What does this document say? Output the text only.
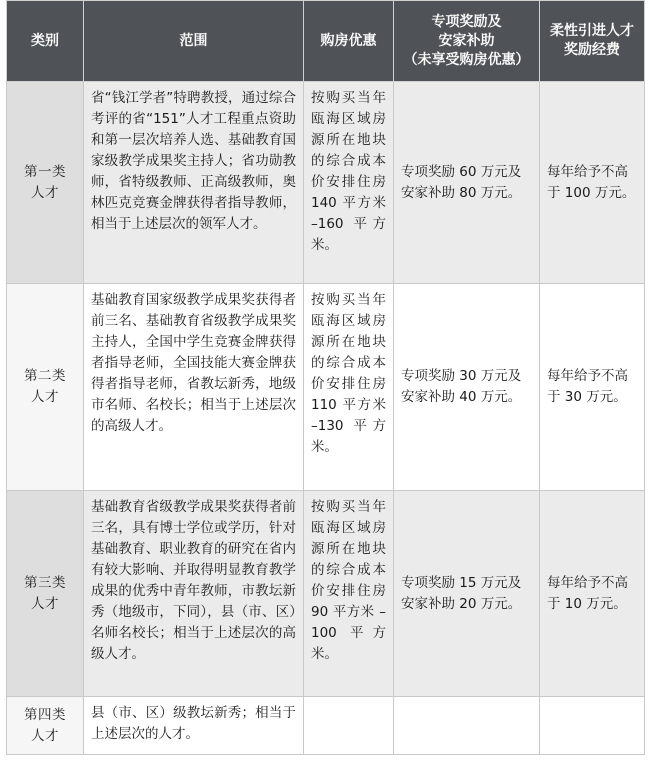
类别	范围	购房优惠	专项奖励及
安家补助
（未享受购房优惠）	柔性引进人才
奖励经费
第一类
人才	省“钱江学者”特聘教授，通过综合考评的省“151”人才工程重点资助和第一层次培养人选、基础教育国家级教学成果奖主持人；省功勋教师，省特级教师、正高级教师，奥林匹克竞赛金牌获得者指导教师，相当于上述层次的领军人才。	按购买当年瓯海区域房源所在地块的综合成本价安排住房 140 平方米 –160 平方米。	专项奖励 60 万元及安家补助 80 万元。	每年给予不高于 100 万元。
第二类
人才	基础教育国家级教学成果奖获得者前三名、基础教育省级教学成果奖主持人，全国中学生竞赛金牌获得者指导老师，全国技能大赛金牌获得者指导老师，省教坛新秀，地级市名师、名校长；相当于上述层次的高级人才。	按购买当年瓯海区域房源所在地块的综合成本价安排住房 110 平方米 –130 平方米。	专项奖励 30 万元及安家补助 40 万元。	每年给予不高于 30 万元。
第三类
人才	基础教育省级教学成果奖获得者前三名，具有博士学位或学历，针对基础教育、职业教育的研究在省内有较大影响、并取得明显教育教学成果的优秀中青年教师，市教坛新秀（地级市，下同），县（市、区）名师名校长；相当于上述层次的高级人才。	按购买当年瓯海区域房源所在地块的综合成本价安排住房 90 平方米 –100 平方米。	专项奖励 15 万元及安家补助 20 万元。	每年给予不高于 10 万元。
第四类
人才	县（市、区）级教坛新秀；相当于上述层次的人才。			
